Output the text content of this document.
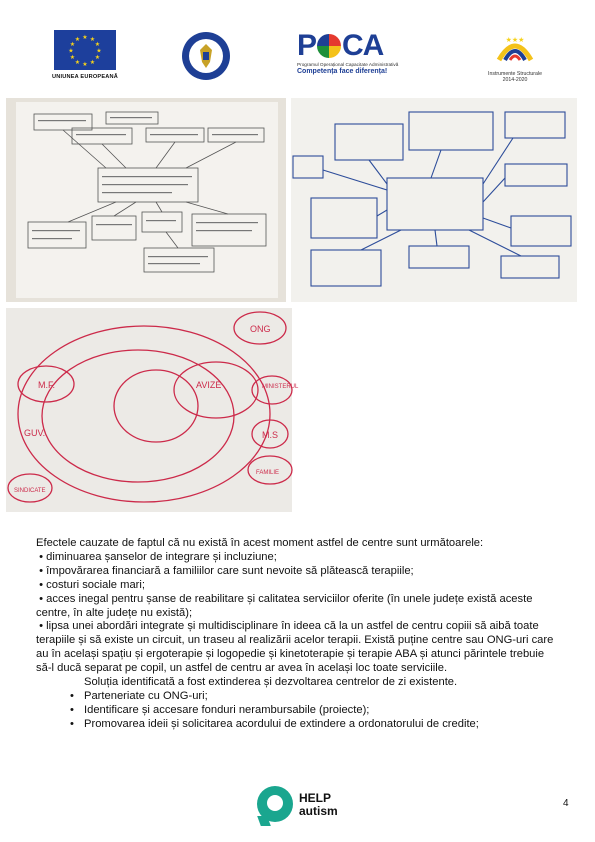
★ ★
★
★
★
★
★
★
★
★
★
★
UNIUNEA EUROPEANĂ
P CA
Programul Operațional Capacitate Administrativă
Competența face diferența!
★★★
Instrumente Structurale
2014-2020
ONG
M.S
GUV.
AVIZE
M.F.
FAMILIE
SINDICATE
MINISTERUL

Efectele cauzate de faptul că nu există în acest moment astfel de centre sunt următoarele:

• diminuarea șanselor de integrare și incluziune;

• împovărarea financiară a familiilor care sunt nevoite să plătească terapiile;

• costuri sociale mari;

• acces inegal pentru șanse de reabilitare și calitatea serviciilor oferite (în unele județe există aceste centre, în alte județe nu există);

• lipsa unei abordări integrate și multidisciplinare în ideea că la un astfel de centru copiii să aibă toate terapiile și să existe un circuit, un traseu al realizării acelor terapii. Există puține centre sau ONG-uri care au în același spațiu și ergoterapie și logopedie și kinetoterapie și terapie ABA și atunci părintele trebuie să-l ducă separat pe copil, un astfel de centru ar avea în același loc toate serviciile.

Soluția identificată a fost extinderea și dezvoltarea centrelor de zi existente.

• Parteneriate cu ONG-uri;
• Identificare și accesare fonduri nerambursabile (proiecte);
• Promovarea ideii și solicitarea acordului de extindere a ordonatorului de credite;
HELP
autism
4
